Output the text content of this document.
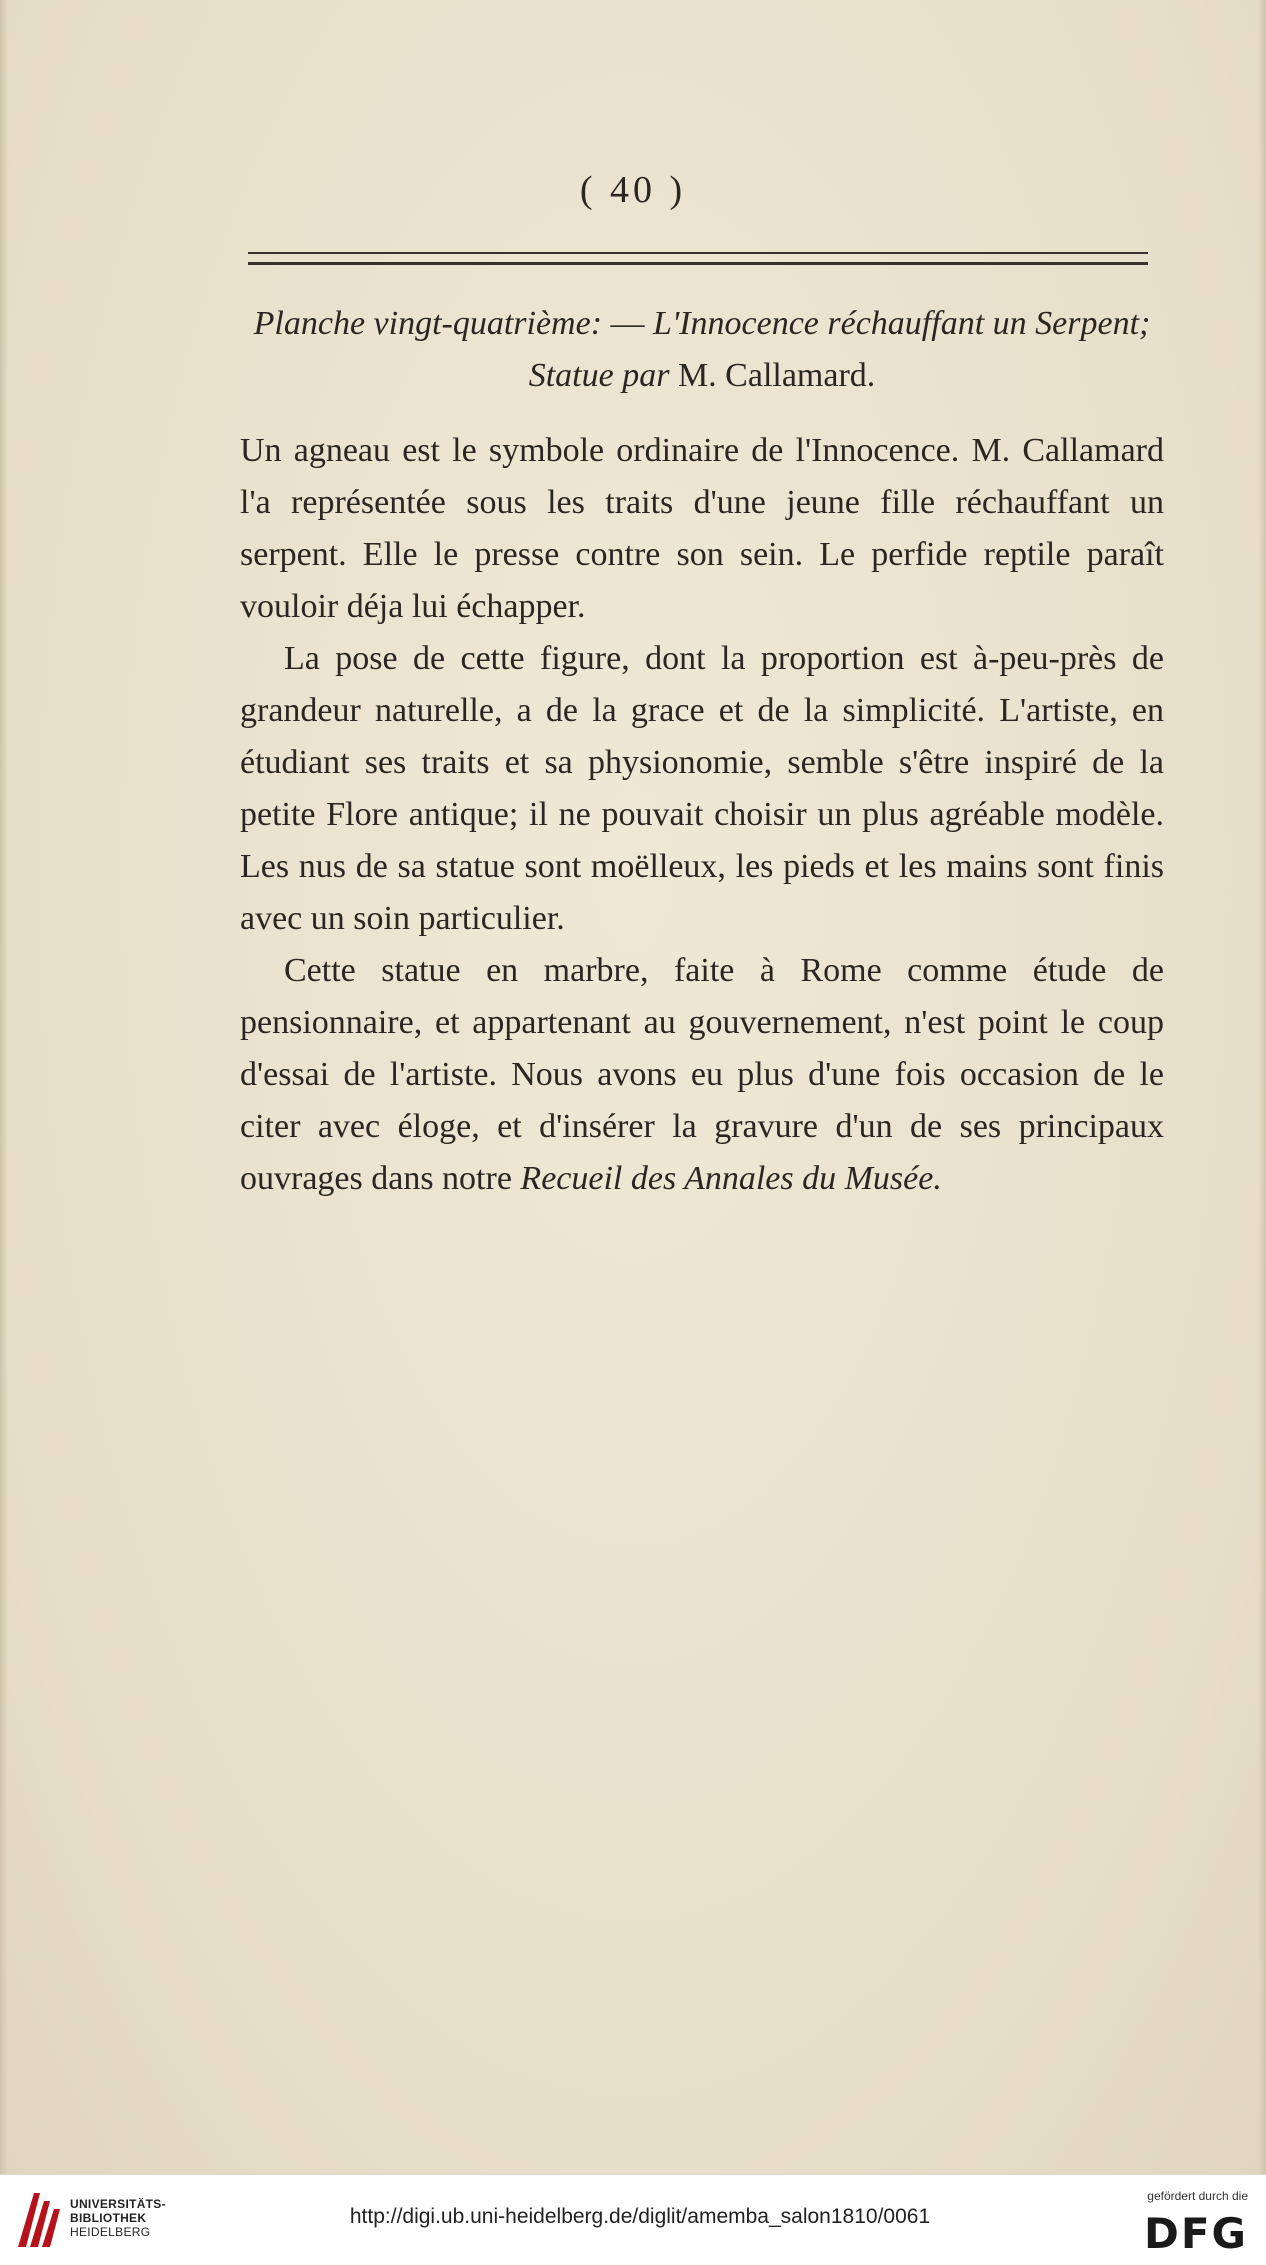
( 40 )
Planche vingt-quatrième: — L'Innocence réchauffant un Serpent; Statue par M. Callamard.

Un agneau est le symbole ordinaire de l'Innocence. M. Callamard l'a représentée sous les traits d'une jeune fille réchauffant un serpent. Elle le presse contre son sein. Le perfide reptile paraît vouloir déja lui échapper.

La pose de cette figure, dont la proportion est à-peu-près de grandeur naturelle, a de la grace et de la simplicité. L'artiste, en étudiant ses traits et sa physionomie, semble s'être inspiré de la petite Flore antique; il ne pouvait choisir un plus agréable modèle. Les nus de sa statue sont moëlleux, les pieds et les mains sont finis avec un soin particulier.

Cette statue en marbre, faite à Rome comme étude de pensionnaire, et appartenant au gouvernement, n'est point le coup d'essai de l'artiste. Nous avons eu plus d'une fois occasion de le citer avec éloge, et d'insérer la gravure d'un de ses principaux ouvrages dans notre Recueil des Annales du Musée.

UNIVERSITÄTS-
BIBLIOTHEK
HEIDELBERG
http://digi.ub.uni-heidelberg.de/diglit/amemba_salon1810/0061
gefördert durch die
DFG
